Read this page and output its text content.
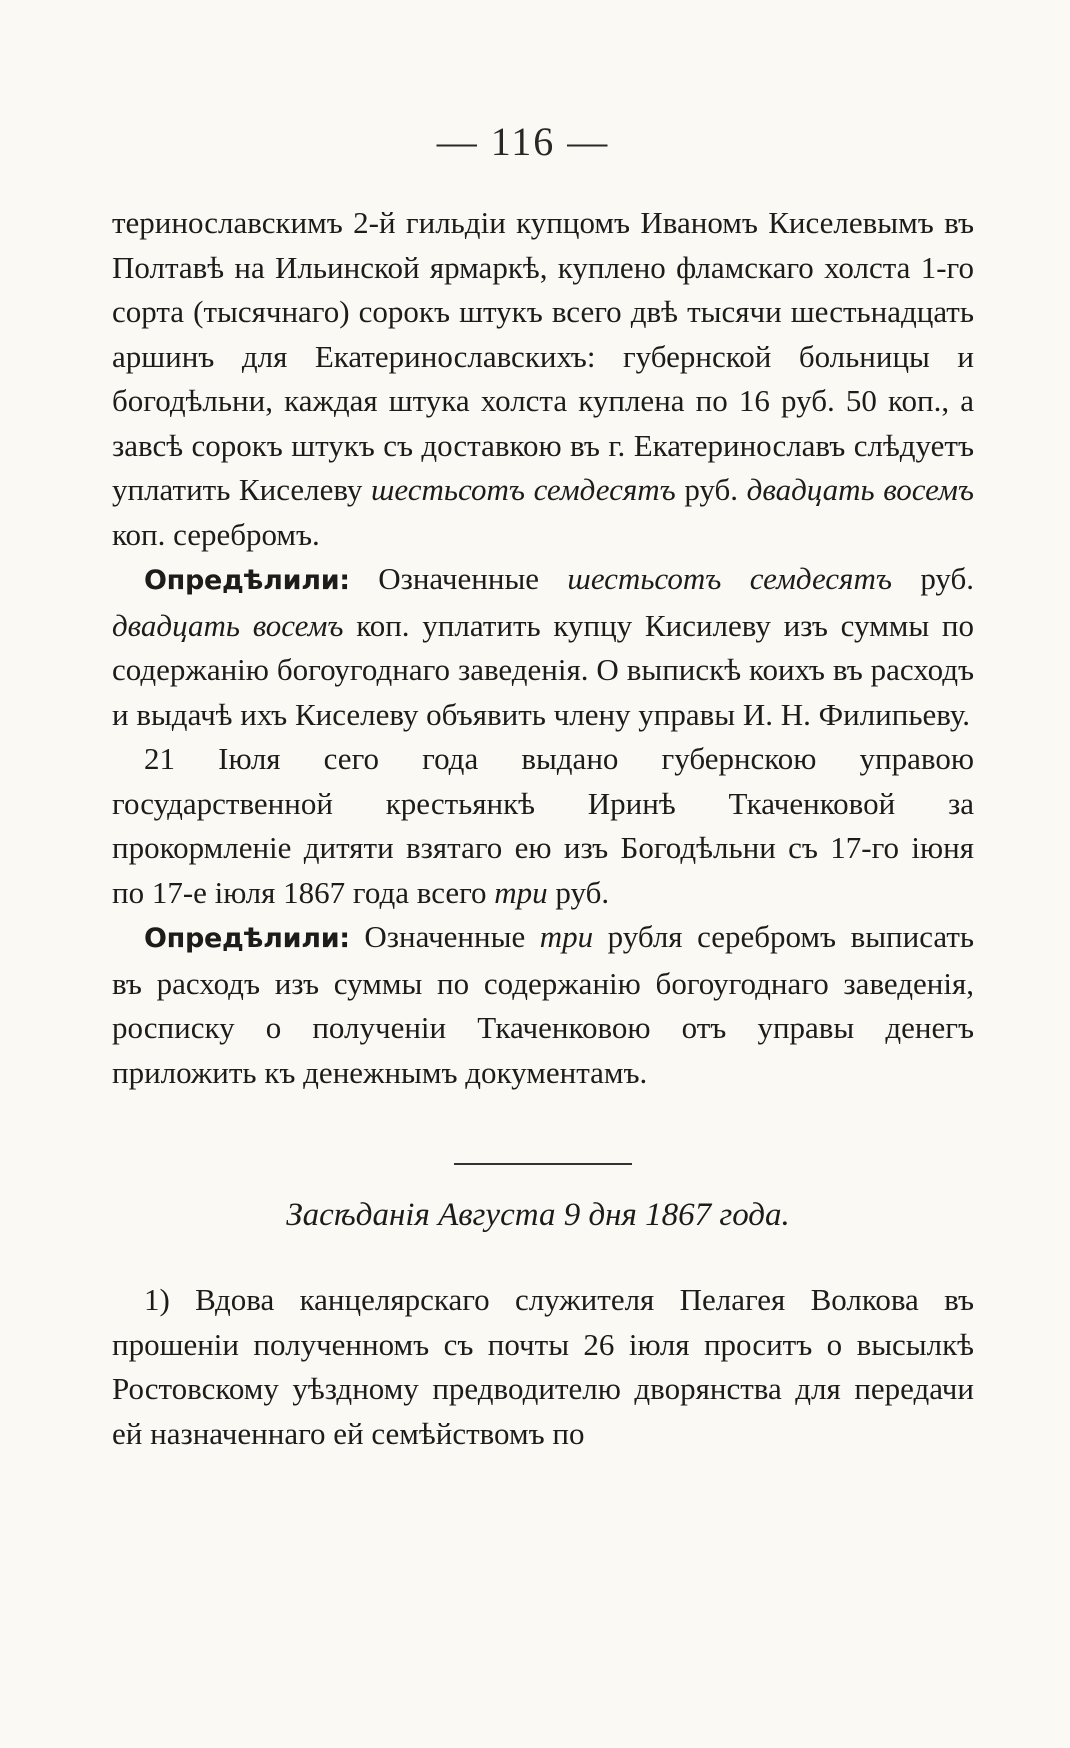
— 116 —

теринославскимъ 2-й гильдіи купцомъ Иваномъ Киселевымъ въ Полтавѣ на Ильинской ярмаркѣ, куплено фламскаго холста 1-го сорта (тысячнаго) сорокъ штукъ всего двѣ тысячи шестьнадцать аршинъ для Екатеринославскихъ: губернской больницы и богодѣльни, каждая штука холста куплена по 16 руб. 50 коп., а завсѣ сорокъ штукъ съ доставкою въ г. Екатеринославъ слѣдуетъ уплатить Киселеву шестьсотъ семдесятъ руб. двадцать восемъ коп. серебромъ.

Опредѣлили: Означенные шестьсотъ семдесятъ руб. двадцать восемъ коп. уплатить купцу Кисилеву изъ суммы по содержанію богоугоднаго заведенія. О выпискѣ коихъ въ расходъ и выдачѣ ихъ Киселеву объявить члену управы И. Н. Филипьеву.

21 Іюля сего года выдано губернскою управою государственной крестьянкѣ Иринѣ Ткаченковой за прокормленіе дитяти взятаго ею изъ Богодѣльни съ 17-го іюня по 17-е іюля 1867 года всего три руб.

Опредѣлили: Означенные три рубля серебромъ выписать въ расходъ изъ суммы по содержанію богоугоднаго заведенія, росписку о полученіи Ткаченковою отъ управы денегъ приложить къ денежнымъ документамъ.

Засѣданія Августа 9 дня 1867 года.

1) Вдова канцелярскаго служителя Пелагея Волкова въ прошеніи полученномъ съ почты 26 іюля проситъ о высылкѣ Ростовскому уѣздному предводителю дворянства для передачи ей назначеннаго ей семѣйствомъ по
